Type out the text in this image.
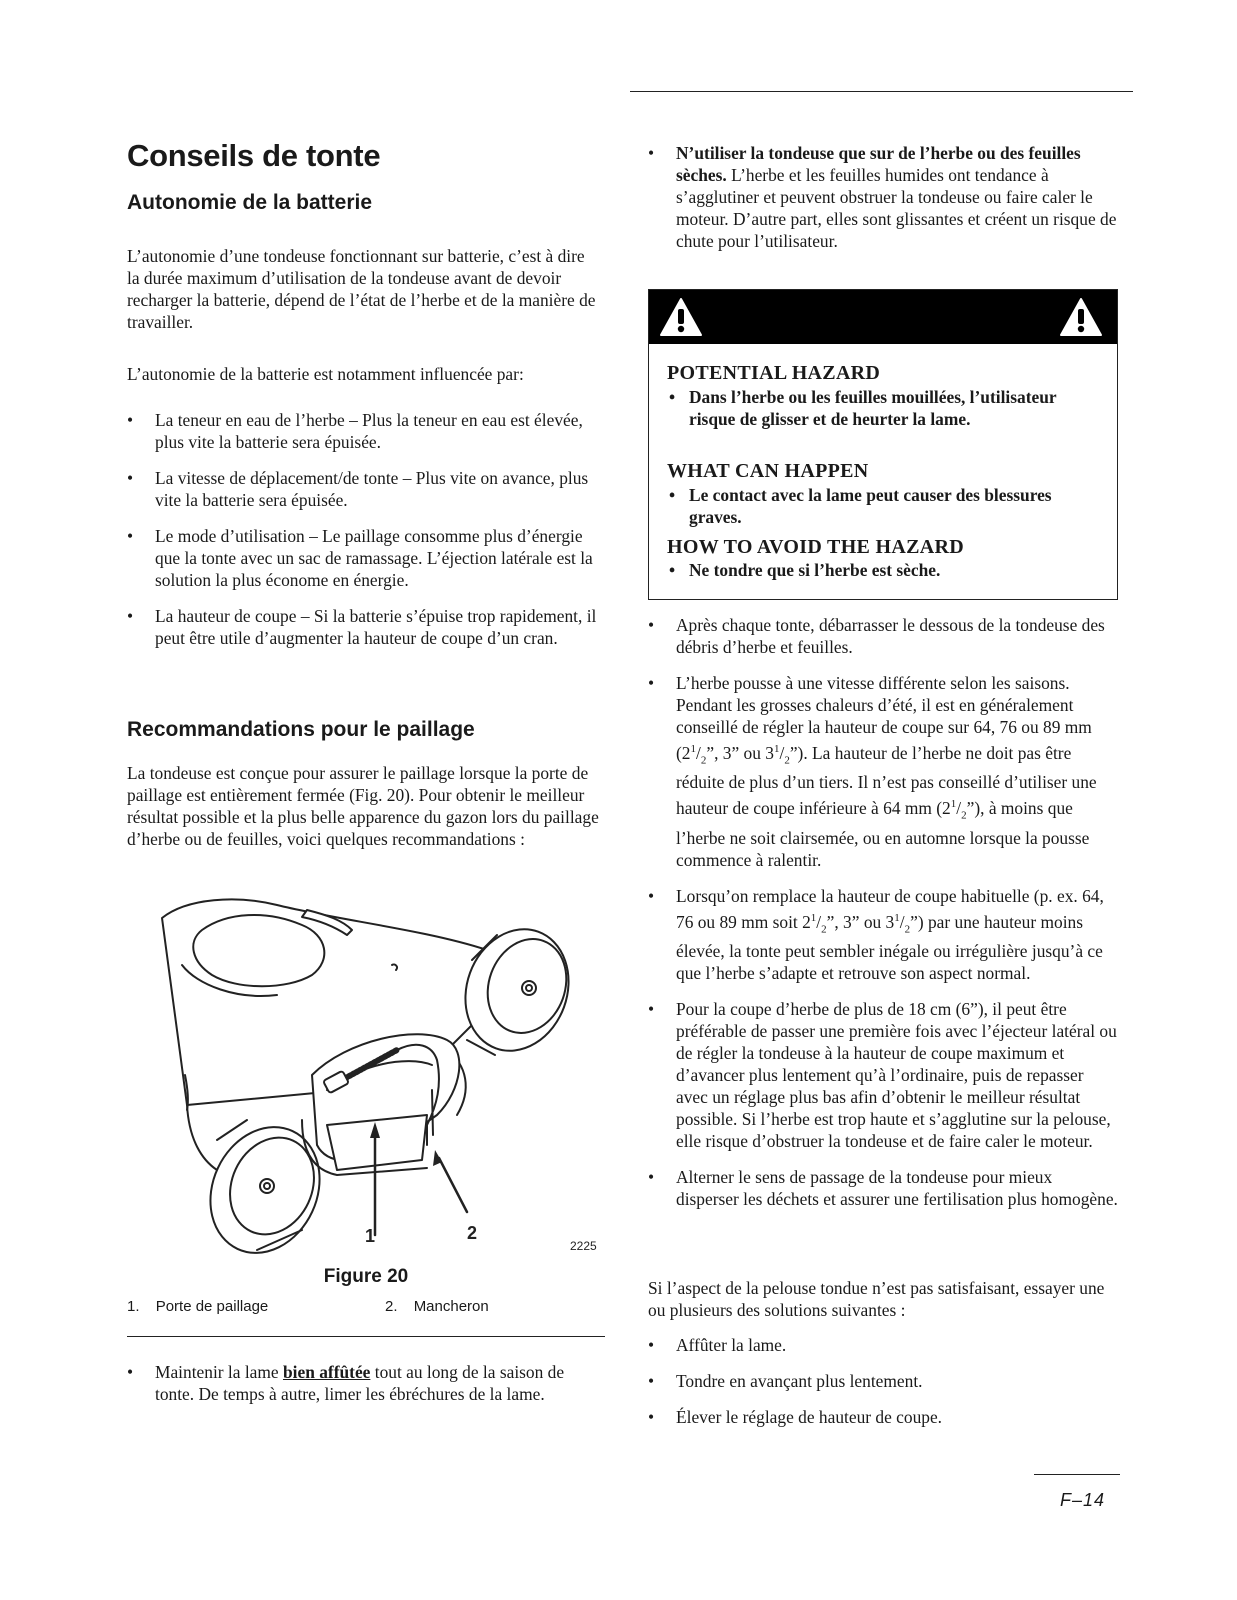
Conseils de tonte
Autonomie de la batterie

L’autonomie d’une tondeuse fonctionnant sur batterie, c’est à dire la durée maximum d’utilisation de la tondeuse avant de devoir recharger la batterie, dépend de l’état de l’herbe et de la manière de travailler.

L’autonomie de la batterie est notamment influencée par:

• La teneur en eau de l’herbe – Plus la teneur en eau est élevée, plus vite la batterie sera épuisée.
• La vitesse de déplacement/de tonte – Plus vite on avance, plus vite la batterie sera épuisée.
• Le mode d’utilisation – Le paillage consomme plus d’énergie que la tonte avec un sac de ramassage. L’éjection latérale est la solution la plus économe en énergie.
• La hauteur de coupe – Si la batterie s’épuise trop rapidement, il peut être utile d’augmenter la hauteur de coupe d’un cran.
Recommandations pour le paillage

La tondeuse est conçue pour assurer le paillage lorsque la porte de paillage est entièrement fermée (Fig. 20). Pour obtenir le meilleur résultat possible et la plus belle apparence du gazon lors du paillage d’herbe ou de feuilles, voici quelques recommandations :

1	2
2225
Figure 20
1. Porte de paillage	2. Mancheron
• Maintenir la lame bien affûtée tout au long de la saison de tonte. De temps à autre, limer les ébréchures de la lame.
• N’utiliser la tondeuse que sur de l’herbe ou des feuilles sèches. L’herbe et les feuilles humides ont tendance à s’agglutiner et peuvent obstruer la tondeuse ou faire caler le moteur. D’autre part, elles sont glissantes et créent un risque de chute pour l’utilisateur.
POTENTIAL HAZARD
• Dans l’herbe ou les feuilles mouillées, l’utilisateur risque de glisser et de heurter la lame.
WHAT CAN HAPPEN
• Le contact avec la lame peut causer des blessures graves.
HOW TO AVOID THE HAZARD
• Ne tondre que si l’herbe est sèche.
• Après chaque tonte, débarrasser le dessous de la tondeuse des débris d’herbe et feuilles.
• L’herbe pousse à une vitesse différente selon les saisons. Pendant les grosses chaleurs d’été, il est en généralement conseillé de régler la hauteur de coupe sur 64, 76 ou 89 mm ($2^1/_2$”, 3” ou $3^1/_2$”). La hauteur de l’herbe ne doit pas être réduite de plus d’un tiers. Il n’est pas conseillé d’utiliser une hauteur de coupe inférieure à 64 mm $(2^1/_2”)$, à moins que l’herbe ne soit clairsemée, ou en automne lorsque la pousse commence à ralentir.
• Lorsqu’on remplace la hauteur de coupe habituelle (p. ex. 64, 76 ou 89 mm soit $2^1/_2$”, 3” ou $3^1/_2$”) par une hauteur moins élevée, la tonte peut sembler inégale ou irrégulière jusqu’à ce que l’herbe s’adapte et retrouve son aspect normal.
• Pour la coupe d’herbe de plus de 18 cm (6”), il peut être préférable de passer une première fois avec l’éjecteur latéral ou de régler la tondeuse à la hauteur de coupe maximum et d’avancer plus lentement qu’à l’ordinaire, puis de repasser avec un réglage plus bas afin d’obtenir le meilleur résultat possible. Si l’herbe est trop haute et s’agglutine sur la pelouse, elle risque d’obstruer la tondeuse et de faire caler le moteur.
• Alterner le sens de passage de la tondeuse pour mieux disperser les déchets et assurer une fertilisation plus homogène.

Si l’aspect de la pelouse tondue n’est pas satisfaisant, essayer une ou plusieurs des solutions suivantes :

• Affûter la lame.
• Tondre en avançant plus lentement.
• Élever le réglage de hauteur de coupe.
F–14
